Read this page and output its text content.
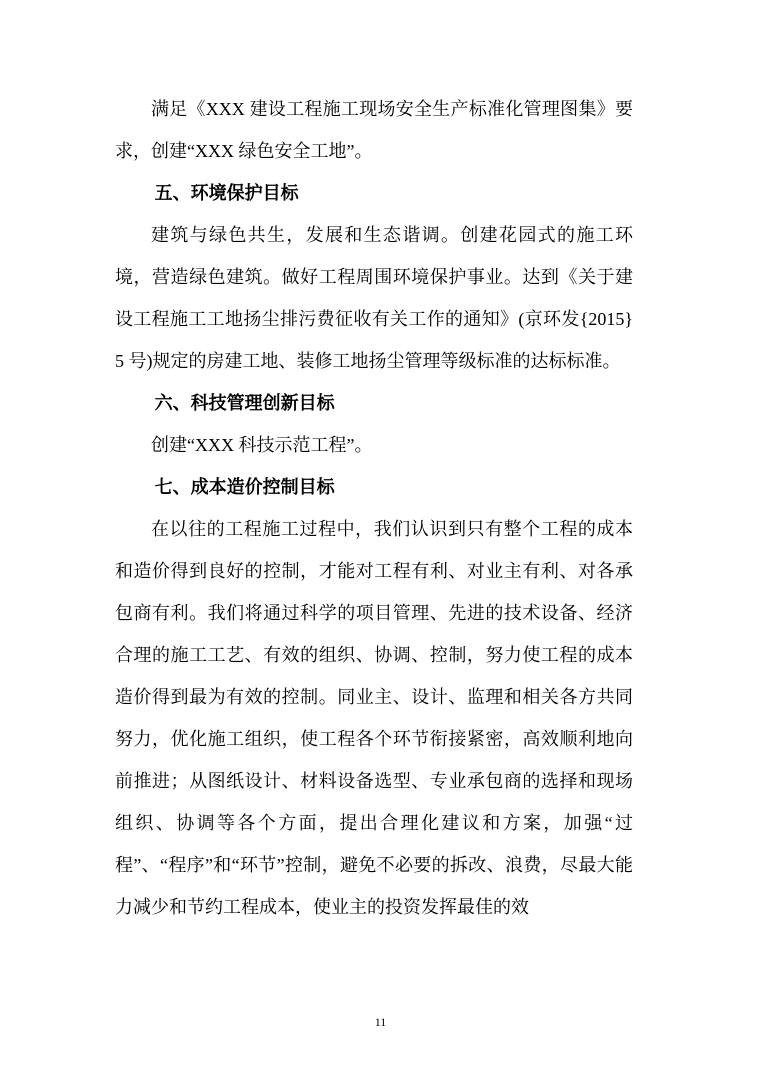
满足《XXX 建设工程施工现场安全生产标准化管理图集》要求，创建“XXX 绿色安全工地”。

五、环境保护目标

建筑与绿色共生，发展和生态谐调。创建花园式的施工环境，营造绿色建筑。做好工程周围环境保护事业。达到《关于建设工程施工工地扬尘排污费征收有关工作的通知》(京环发{2015}5 号)规定的房建工地、装修工地扬尘管理等级标准的达标标准。

六、科技管理创新目标

创建“XXX 科技示范工程”。

七、成本造价控制目标

在以往的工程施工过程中，我们认识到只有整个工程的成本和造价得到良好的控制，才能对工程有利、对业主有利、对各承包商有利。我们将通过科学的项目管理、先进的技术设备、经济合理的施工工艺、有效的组织、协调、控制，努力使工程的成本造价得到最为有效的控制。同业主、设计、监理和相关各方共同努力，优化施工组织，使工程各个环节衔接紧密，高效顺利地向前推进；从图纸设计、材料设备选型、专业承包商的选择和现场组织、协调等各个方面，提出合理化建议和方案，加强“过程”、“程序”和“环节”控制，避免不必要的拆改、浪费，尽最大能力减少和节约工程成本，使业主的投资发挥最佳的效

11
